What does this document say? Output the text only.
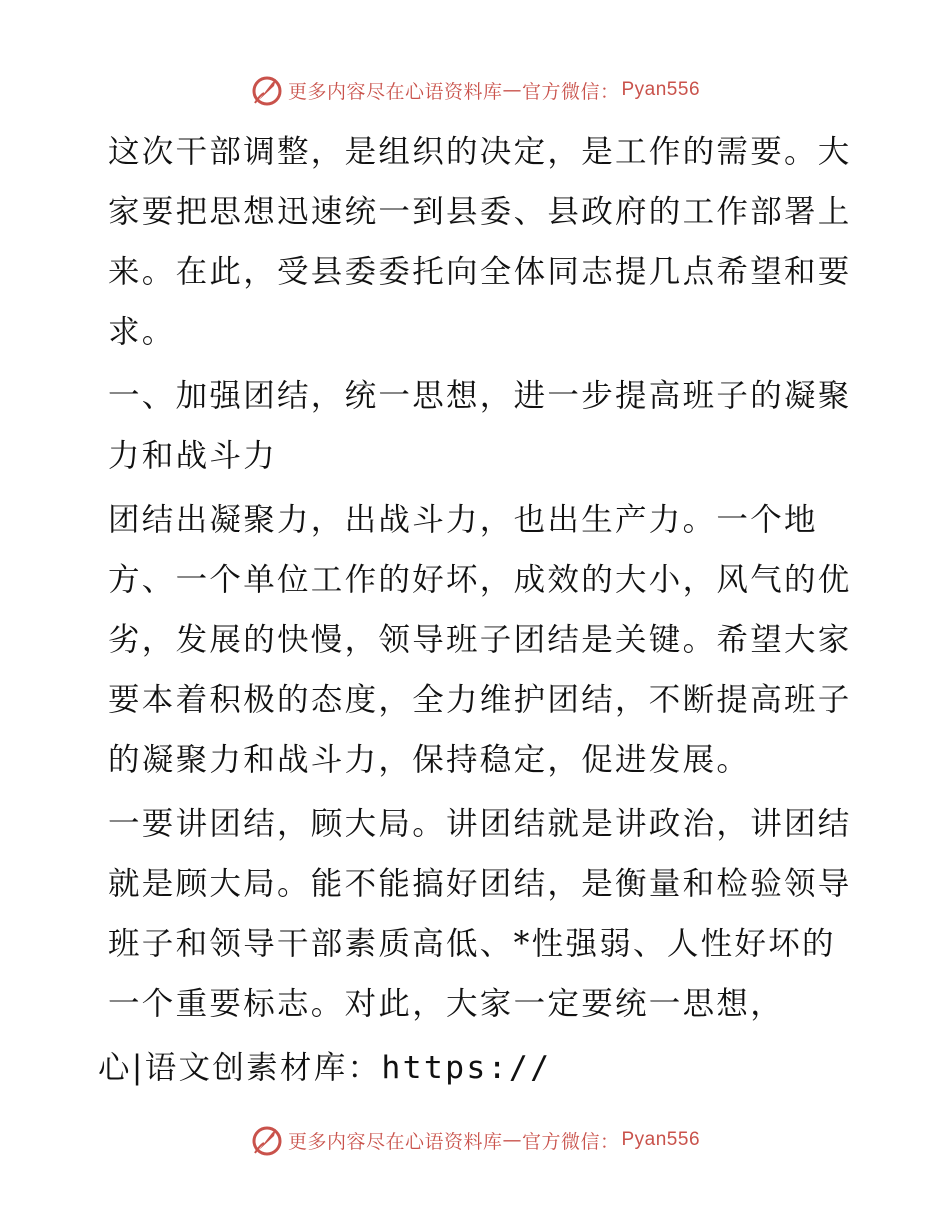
更多内容尽在心语资料库 — 官方微信： Pyan556

这次干部调整，是组织的决定，是工作的需要。大家要把思想迅速统一到县委、县政府的工作部署上来。在此，受县委委托向全体同志提几点希望和要求。

一、加强团结，统一思想，进一步提高班子的凝聚力和战斗力

团结出凝聚力，出战斗力，也出生产力。一个地方、一个单位工作的好坏，成效的大小，风气的优劣，发展的快慢，领导班子团结是关键。希望大家要本着积极的态度，全力维护团结，不断提高班子的凝聚力和战斗力，保持稳定，促进发展。

一要讲团结，顾大局。讲团结就是讲政治，讲团结就是顾大局。能不能搞好团结，是衡量和检验领导班子和领导干部素质高低、*性强弱、人性好坏的一个重要标志。对此，大家一定要统一思想，

心|语文创素材库：https://

更多内容尽在心语资料库 — 官方微信： Pyan556
